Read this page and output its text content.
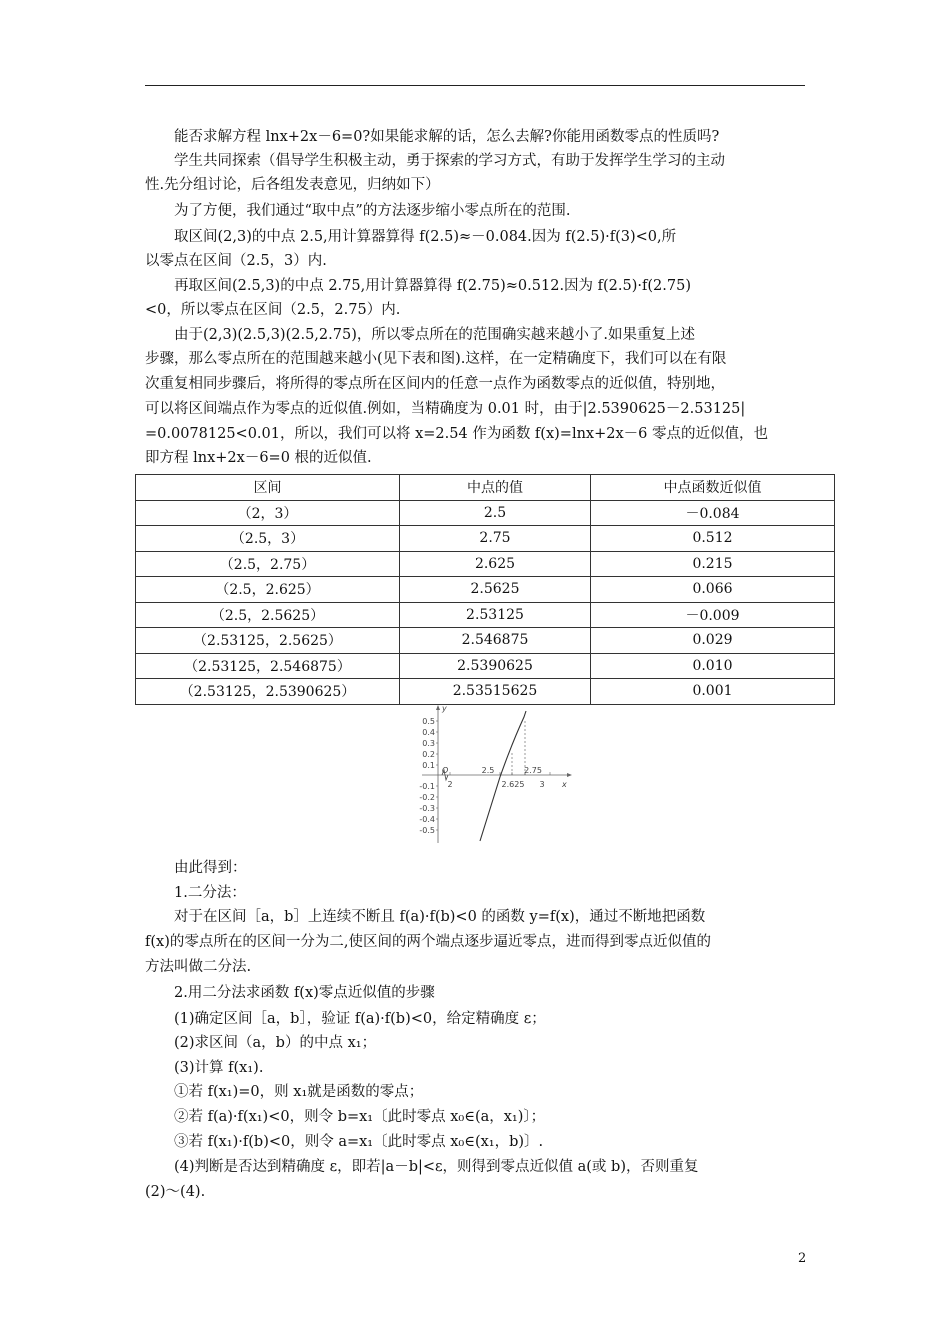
能否求解方程 lnx+2x－6=0?如果能求解的话，怎么去解?你能用函数零点的性质吗?
学生共同探索（倡导学生积极主动，勇于探索的学习方式，有助于发挥学生学习的主动
性.先分组讨论，后各组发表意见，归纳如下）
为了方便，我们通过“取中点”的方法逐步缩小零点所在的范围.
取区间(2,3)的中点 2.5,用计算器算得 f(2.5)≈－0.084.因为 f(2.5)·f(3)<0,所
以零点在区间（2.5，3）内.
再取区间(2.5,3)的中点 2.75,用计算器算得 f(2.75)≈0.512.因为 f(2.5)·f(2.75)
<0，所以零点在区间（2.5，2.75）内.
由于(2,3)(2.5,3)(2.5,2.75)，所以零点所在的范围确实越来越小了.如果重复上述
步骤，那么零点所在的范围越来越小(见下表和图).这样，在一定精确度下，我们可以在有限
次重复相同步骤后，将所得的零点所在区间内的任意一点作为函数零点的近似值，特别地，
可以将区间端点作为零点的近似值.例如，当精确度为 0.01 时，由于|2.5390625－2.53125|
=0.0078125<0.01，所以，我们可以将 x=2.54 作为函数 f(x)=lnx+2x－6 零点的近似值，也
即方程 lnx+2x－6=0 根的近似值.
区间	中点的值	中点函数近似值
（2，3）	2.5	－0.084
（2.5，3）	2.75	0.512
（2.5，2.75）	2.625	0.215
（2.5，2.625）	2.5625	0.066
（2.5，2.5625）	2.53125	－0.009
（2.53125，2.5625）	2.546875	0.029
（2.53125，2.546875）	2.5390625	0.010
（2.53125，2.5390625）	2.53515625	0.001
y
x
O
0.5
0.4
0.3
0.2
0.1
-0.1
-0.2
-0.3
-0.4
-0.5
2
2.5
2.625
2.75
3
由此得到：
1.二分法：
对于在区间［a，b］上连续不断且 f(a)·f(b)<0 的函数 y=f(x)，通过不断地把函数
f(x)的零点所在的区间一分为二,使区间的两个端点逐步逼近零点，进而得到零点近似值的
方法叫做二分法.
2.用二分法求函数 f(x)零点近似值的步骤
(1)确定区间［a，b］，验证 f(a)·f(b)<0，给定精确度 ε；
(2)求区间（a，b）的中点 x₁；
(3)计算 f(x₁).
①若 f(x₁)=0，则 x₁就是函数的零点；
②若 f(a)·f(x₁)<0，则令 b=x₁〔此时零点 x₀∈(a，x₁)〕；
③若 f(x₁)·f(b)<0，则令 a=x₁〔此时零点 x₀∈(x₁，b)〕.
(4)判断是否达到精确度 ε，即若|a－b|<ε，则得到零点近似值 a(或 b)，否则重复
(2)～(4).
2
